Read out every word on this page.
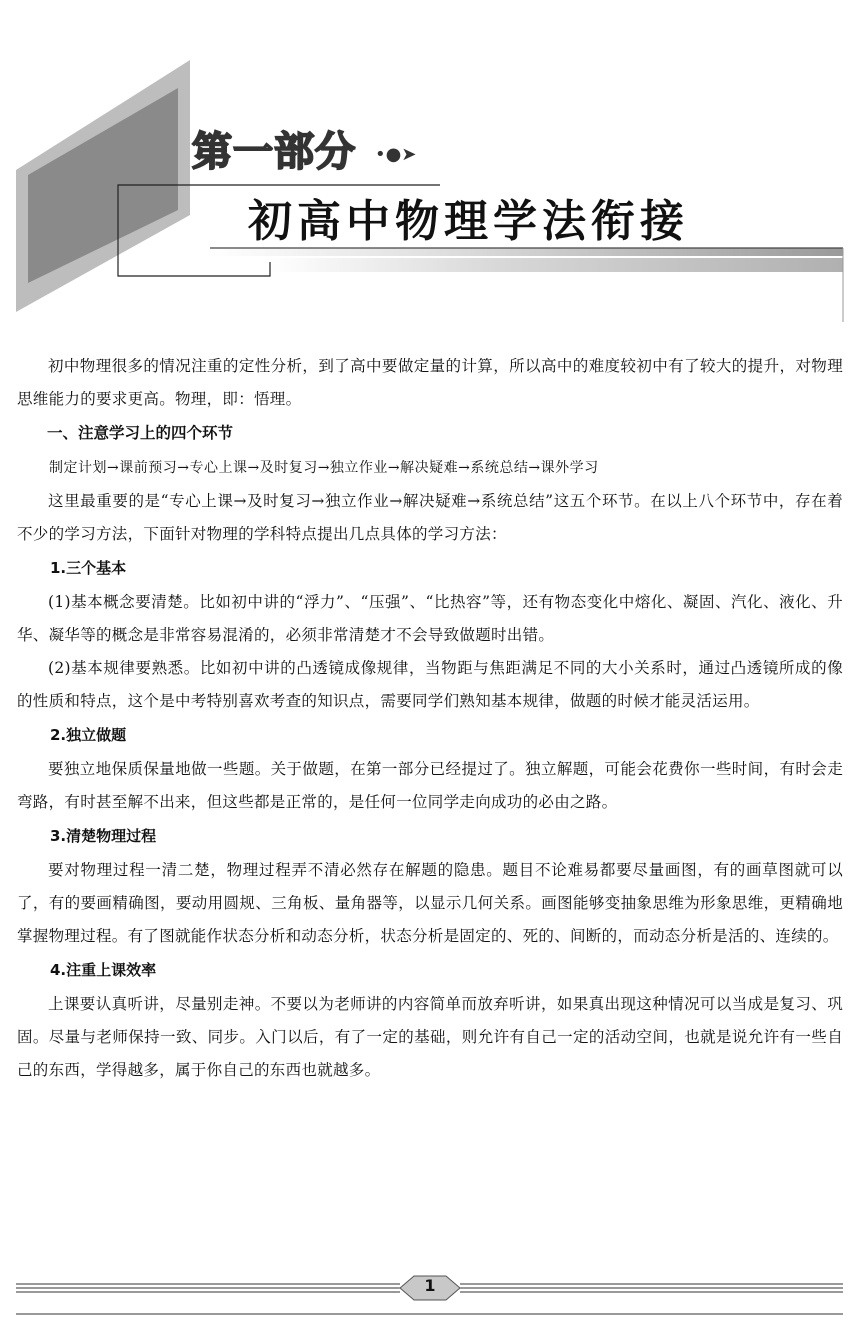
第一部分 •●➤
初高中物理学法衔接

初中物理很多的情况注重的定性分析，到了高中要做定量的计算，所以高中的难度较初中有了较大的提升，对物理思维能力的要求更高。物理，即：悟理。

一、注意学习上的四个环节

制定计划→课前预习→专心上课→及时复习→独立作业→解决疑难→系统总结→课外学习

这里最重要的是“专心上课→及时复习→独立作业→解决疑难→系统总结”这五个环节。在以上八个环节中，存在着不少的学习方法，下面针对物理的学科特点提出几点具体的学习方法：

1.三个基本

(1)基本概念要清楚。比如初中讲的“浮力”、“压强”、“比热容”等，还有物态变化中熔化、凝固、汽化、液化、升华、凝华等的概念是非常容易混淆的，必须非常清楚才不会导致做题时出错。

(2)基本规律要熟悉。比如初中讲的凸透镜成像规律，当物距与焦距满足不同的大小关系时，通过凸透镜所成的像的性质和特点，这个是中考特别喜欢考查的知识点，需要同学们熟知基本规律，做题的时候才能灵活运用。

2.独立做题

要独立地保质保量地做一些题。关于做题，在第一部分已经提过了。独立解题，可能会花费你一些时间，有时会走弯路，有时甚至解不出来，但这些都是正常的，是任何一位同学走向成功的必由之路。

3.清楚物理过程

要对物理过程一清二楚，物理过程弄不清必然存在解题的隐患。题目不论难易都要尽量画图，有的画草图就可以了，有的要画精确图，要动用圆规、三角板、量角器等，以显示几何关系。画图能够变抽象思维为形象思维，更精确地掌握物理过程。有了图就能作状态分析和动态分析，状态分析是固定的、死的、间断的，而动态分析是活的、连续的。

4.注重上课效率

上课要认真听讲，尽量别走神。不要以为老师讲的内容简单而放弃听讲，如果真出现这种情况可以当成是复习、巩固。尽量与老师保持一致、同步。入门以后，有了一定的基础，则允许有自己一定的活动空间，也就是说允许有一些自己的东西，学得越多，属于你自己的东西也就越多。

1
